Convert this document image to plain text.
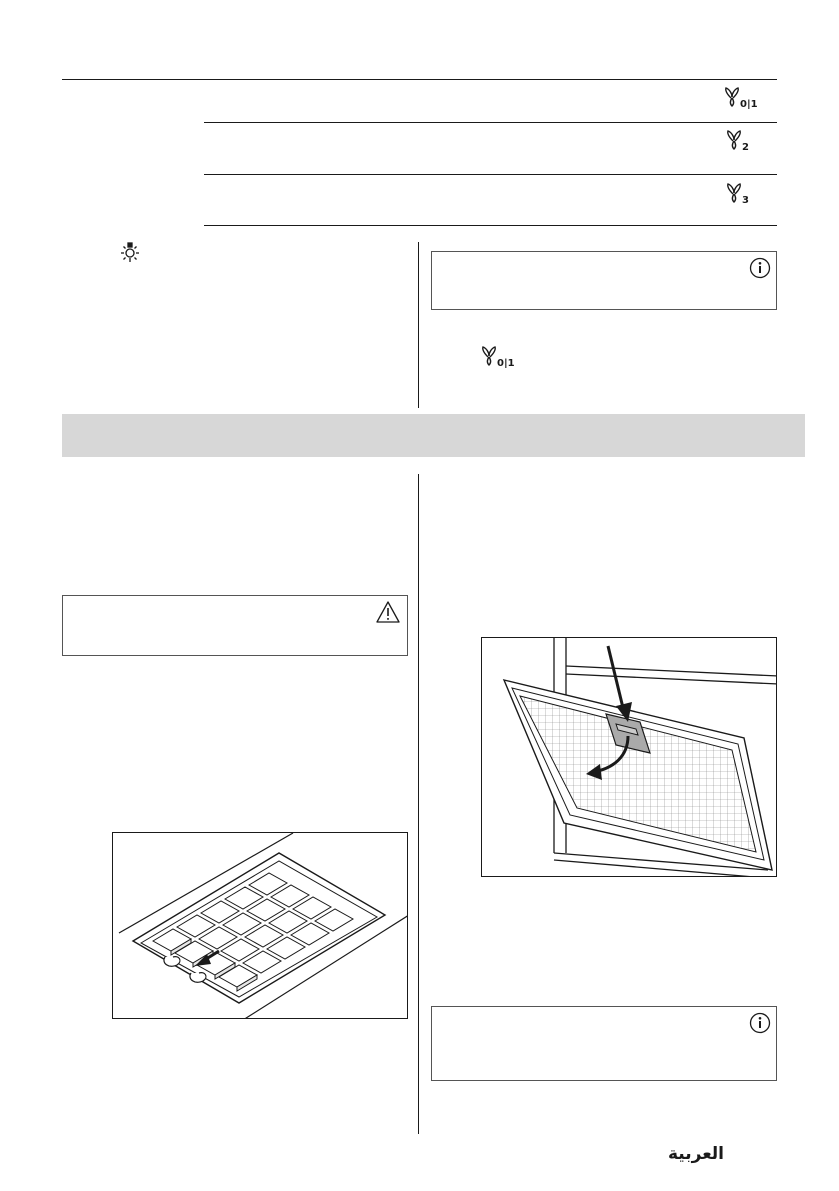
0|1
2
3
0|1
العربية
